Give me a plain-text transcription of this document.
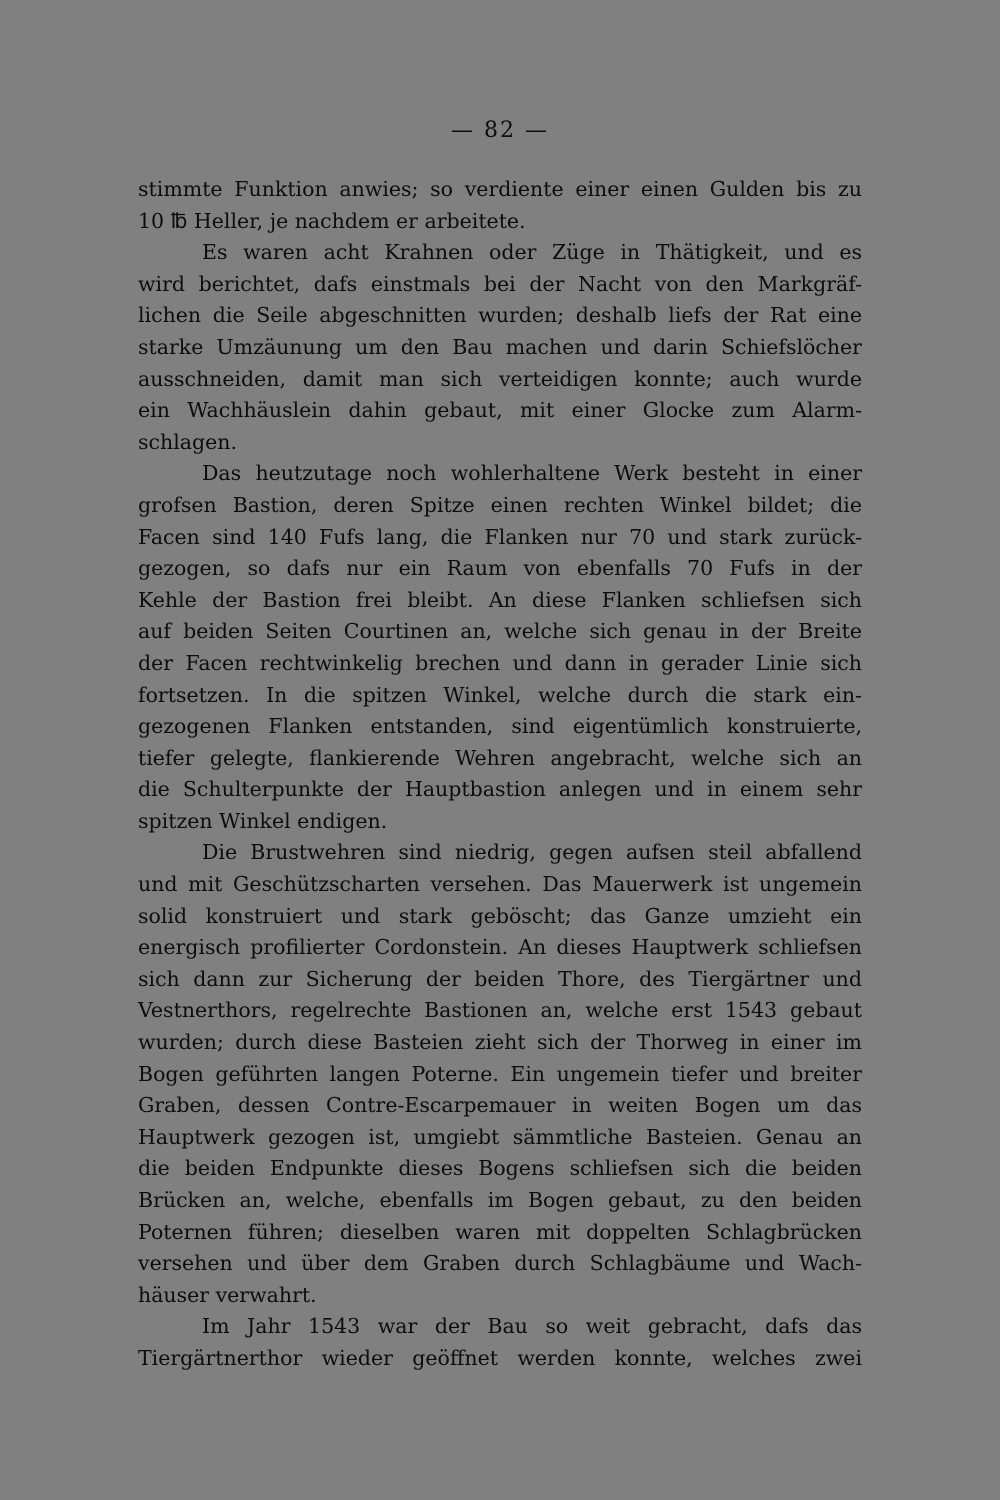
— 82 —
stimmte Funktion anwies; so verdiente einer einen Gulden bis zu
10 ℔ Heller, je nachdem er arbeitete.
Es waren acht Krahnen oder Züge in Thätigkeit, und es
wird berichtet, dafs einstmals bei der Nacht von den Markgräf-
lichen die Seile abgeschnitten wurden; deshalb liefs der Rat eine
starke Umzäunung um den Bau machen und darin Schiefslöcher
ausschneiden, damit man sich verteidigen konnte; auch wurde
ein Wachhäuslein dahin gebaut, mit einer Glocke zum Alarm-
schlagen.
Das heutzutage noch wohlerhaltene Werk besteht in einer
grofsen Bastion, deren Spitze einen rechten Winkel bildet; die
Facen sind 140 Fufs lang, die Flanken nur 70 und stark zurück-
gezogen, so dafs nur ein Raum von ebenfalls 70 Fufs in der
Kehle der Bastion frei bleibt. An diese Flanken schliefsen sich
auf beiden Seiten Courtinen an, welche sich genau in der Breite
der Facen rechtwinkelig brechen und dann in gerader Linie sich
fortsetzen. In die spitzen Winkel, welche durch die stark ein-
gezogenen Flanken entstanden, sind eigentümlich konstruierte,
tiefer gelegte, flankierende Wehren angebracht, welche sich an
die Schulterpunkte der Hauptbastion anlegen und in einem sehr
spitzen Winkel endigen.
Die Brustwehren sind niedrig, gegen aufsen steil abfallend
und mit Geschützscharten versehen. Das Mauerwerk ist ungemein
solid konstruiert und stark geböscht; das Ganze umzieht ein
energisch profilierter Cordonstein. An dieses Hauptwerk schliefsen
sich dann zur Sicherung der beiden Thore, des Tiergärtner und
Vestnerthors, regelrechte Bastionen an, welche erst 1543 gebaut
wurden; durch diese Basteien zieht sich der Thorweg in einer im
Bogen geführten langen Poterne. Ein ungemein tiefer und breiter
Graben, dessen Contre-Escarpemauer in weiten Bogen um das
Hauptwerk gezogen ist, umgiebt sämmtliche Basteien. Genau an
die beiden Endpunkte dieses Bogens schliefsen sich die beiden
Brücken an, welche, ebenfalls im Bogen gebaut, zu den beiden
Poternen führen; dieselben waren mit doppelten Schlagbrücken
versehen und über dem Graben durch Schlagbäume und Wach-
häuser verwahrt.
Im Jahr 1543 war der Bau so weit gebracht, dafs das
Tiergärtnerthor wieder geöffnet werden konnte, welches zwei
